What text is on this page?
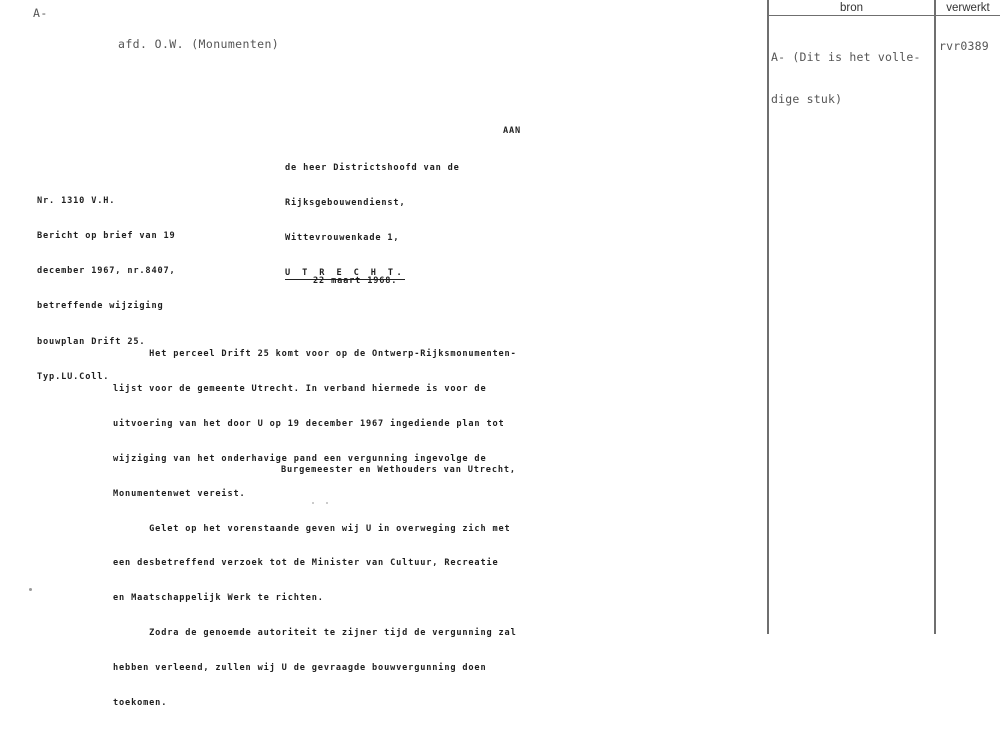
A-
afd. O.W. (Monumenten)
AAN

de heer Districtshoofd van de

Rijksgebouwendienst,

Wittevrouwenkade 1,

U T R E C H T.

Nr. 1310 V.H.

Bericht op brief van 19

december 1967, nr.8407,

betreffende wijziging

bouwplan Drift 25.

Typ.LU.Coll.

22 maart 1968.

Het perceel Drift 25 komt voor op de Ontwerp-Rijksmonumenten-

lijst voor de gemeente Utrecht. In verband hiermede is voor de

uitvoering van het door U op 19 december 1967 ingediende plan tot

wijziging van het onderhavige pand een vergunning ingevolge de

Monumentenwet vereist.

Gelet op het vorenstaande geven wij U in overweging zich met

een desbetreffend verzoek tot de Minister van Cultuur, Recreatie

en Maatschappelijk Werk te richten.

Zodra de genoemde autoriteit te zijner tijd de vergunning zal

hebben verleend, zullen wij U de gevraagde bouwvergunning doen

toekomen.

Burgemeester en Wethouders van Utrecht,
bron	verwerkt

A- (Dit is het volle-

dige stuk)

rvr0389
